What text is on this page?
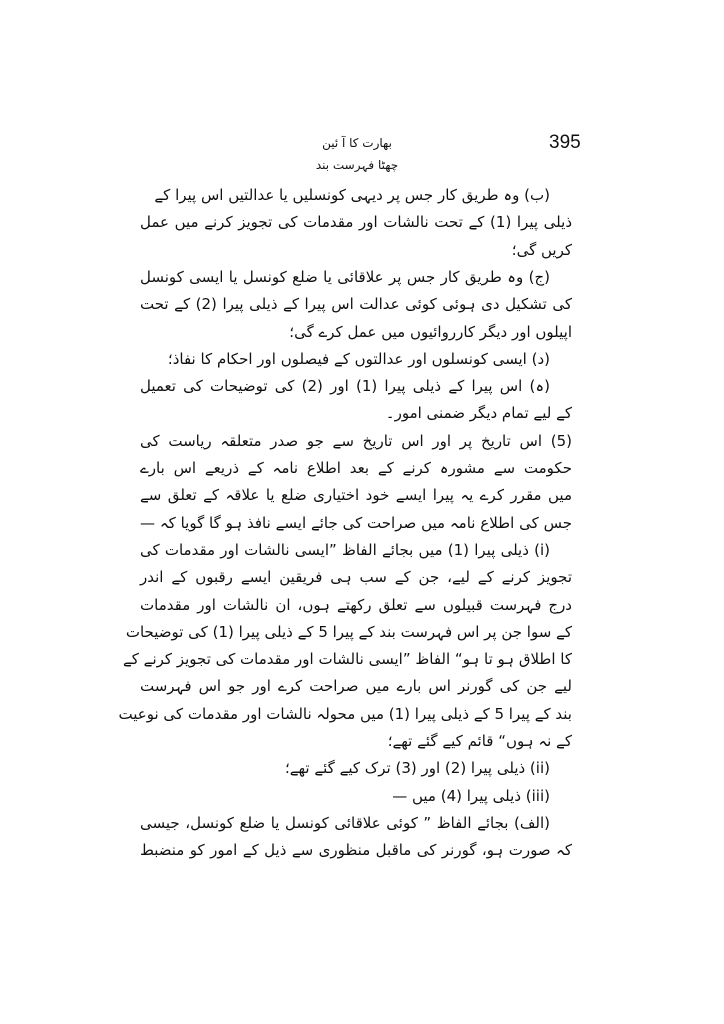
395
بھارت کا آ ئین
چھٹا فہرست بند
(ب) وہ طریق کار جس پر دیہی کونسلیں یا عدالتیں اس پیرا کے
ذیلی پیرا (1) کے تحت نالشات اور مقدمات کی تجویز کرنے میں عمل
کریں گی؛
(ج) وہ طریق کار جس پر علاقائی یا ضلع کونسل یا ایسی کونسل
کی تشکیل دی ہوئی کوئی عدالت اس پیرا کے ذیلی پیرا (2) کے تحت
اپیلوں اور دیگر کارروائیوں میں عمل کرے گی؛
(د) ایسی کونسلوں اور عدالتوں کے فیصلوں اور احکام کا نفاذ؛
(ہ) اس پیرا کے ذیلی پیرا (1) اور (2) کی توضیحات کی تعمیل
کے لیے تمام دیگر ضمنی امور۔
(5) اس تاریخ پر اور اس تاریخ سے جو صدر متعلقہ ریاست کی
حکومت سے مشورہ کرنے کے بعد اطلاع نامہ کے ذریعے اس بارے
میں مقرر کرے یہ پیرا ایسے خود اختیاری ضلع یا علاقہ کے تعلق سے
جس کی اطلاع نامہ میں صراحت کی جائے ایسے نافذ ہو گا گویا کہ —
(i) ذیلی پیرا (1) میں بجائے الفاظ ”ایسی نالشات اور مقدمات کی
تجویز کرنے کے لیے، جن کے سب ہی فریقین ایسے رقبوں کے اندر
درج فہرست قبیلوں سے تعلق رکھتے ہوں، ان نالشات اور مقدمات
کے سوا جن پر اس فہرست بند کے پیرا 5 کے ذیلی پیرا (1) کی توضیحات
کا اطلاق ہو تا ہو“ الفاظ ”ایسی نالشات اور مقدمات کی تجویز کرنے کے
لیے جن کی گورنر اس بارے میں صراحت کرے اور جو اس فہرست
بند کے پیرا 5 کے ذیلی پیرا (1) میں محولہ نالشات اور مقدمات کی نوعیت
کے نہ ہوں“ قائم کیے گئے تھے؛
(ii) ذیلی پیرا (2) اور (3) ترک کیے گئے تھے؛
(iii) ذیلی پیرا (4) میں —
(الف) بجائے الفاظ ” کوئی علاقائی کونسل یا ضلع کونسل، جیسی
کہ صورت ہو، گورنر کی ماقبل منظوری سے ذیل کے امور کو منضبط
